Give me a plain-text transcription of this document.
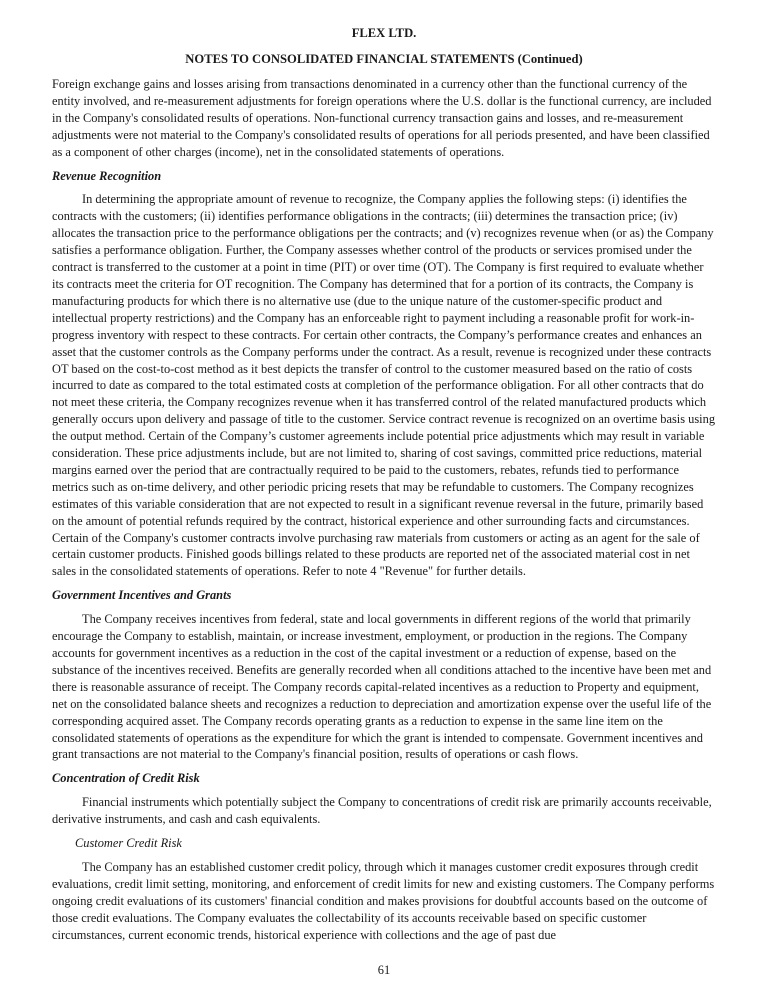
FLEX LTD.
NOTES TO CONSOLIDATED FINANCIAL STATEMENTS (Continued)

Foreign exchange gains and losses arising from transactions denominated in a currency other than the functional currency of the entity involved, and re-measurement adjustments for foreign operations where the U.S. dollar is the functional currency, are included in the Company's consolidated results of operations. Non-functional currency transaction gains and losses, and re-measurement adjustments were not material to the Company's consolidated results of operations for all periods presented, and have been classified as a component of other charges (income), net in the consolidated statements of operations.

Revenue Recognition

In determining the appropriate amount of revenue to recognize, the Company applies the following steps: (i) identifies the contracts with the customers; (ii) identifies performance obligations in the contracts; (iii) determines the transaction price; (iv) allocates the transaction price to the performance obligations per the contracts; and (v) recognizes revenue when (or as) the Company satisfies a performance obligation. Further, the Company assesses whether control of the products or services promised under the contract is transferred to the customer at a point in time (PIT) or over time (OT). The Company is first required to evaluate whether its contracts meet the criteria for OT recognition. The Company has determined that for a portion of its contracts, the Company is manufacturing products for which there is no alternative use (due to the unique nature of the customer-specific product and intellectual property restrictions) and the Company has an enforceable right to payment including a reasonable profit for work-in-progress inventory with respect to these contracts. For certain other contracts, the Company’s performance creates and enhances an asset that the customer controls as the Company performs under the contract. As a result, revenue is recognized under these contracts OT based on the cost-to-cost method as it best depicts the transfer of control to the customer measured based on the ratio of costs incurred to date as compared to the total estimated costs at completion of the performance obligation. For all other contracts that do not meet these criteria, the Company recognizes revenue when it has transferred control of the related manufactured products which generally occurs upon delivery and passage of title to the customer. Service contract revenue is recognized on an overtime basis using the output method. Certain of the Company’s customer agreements include potential price adjustments which may result in variable consideration. These price adjustments include, but are not limited to, sharing of cost savings, committed price reductions, material margins earned over the period that are contractually required to be paid to the customers, rebates, refunds tied to performance metrics such as on-time delivery, and other periodic pricing resets that may be refundable to customers. The Company recognizes estimates of this variable consideration that are not expected to result in a significant revenue reversal in the future, primarily based on the amount of potential refunds required by the contract, historical experience and other surrounding facts and circumstances. Certain of the Company's customer contracts involve purchasing raw materials from customers or acting as an agent for the sale of certain customer products. Finished goods billings related to these products are reported net of the associated material cost in net sales in the consolidated statements of operations. Refer to note 4 "Revenue" for further details.

Government Incentives and Grants

The Company receives incentives from federal, state and local governments in different regions of the world that primarily encourage the Company to establish, maintain, or increase investment, employment, or production in the regions. The Company accounts for government incentives as a reduction in the cost of the capital investment or a reduction of expense, based on the substance of the incentives received. Benefits are generally recorded when all conditions attached to the incentive have been met and there is reasonable assurance of receipt. The Company records capital-related incentives as a reduction to Property and equipment, net on the consolidated balance sheets and recognizes a reduction to depreciation and amortization expense over the useful life of the corresponding acquired asset. The Company records operating grants as a reduction to expense in the same line item on the consolidated statements of operations as the expenditure for which the grant is intended to compensate. Government incentives and grant transactions are not material to the Company's financial position, results of operations or cash flows.

Concentration of Credit Risk

Financial instruments which potentially subject the Company to concentrations of credit risk are primarily accounts receivable, derivative instruments, and cash and cash equivalents.

Customer Credit Risk

The Company has an established customer credit policy, through which it manages customer credit exposures through credit evaluations, credit limit setting, monitoring, and enforcement of credit limits for new and existing customers. The Company performs ongoing credit evaluations of its customers' financial condition and makes provisions for doubtful accounts based on the outcome of those credit evaluations. The Company evaluates the collectability of its accounts receivable based on specific customer circumstances, current economic trends, historical experience with collections and the age of past due

61
